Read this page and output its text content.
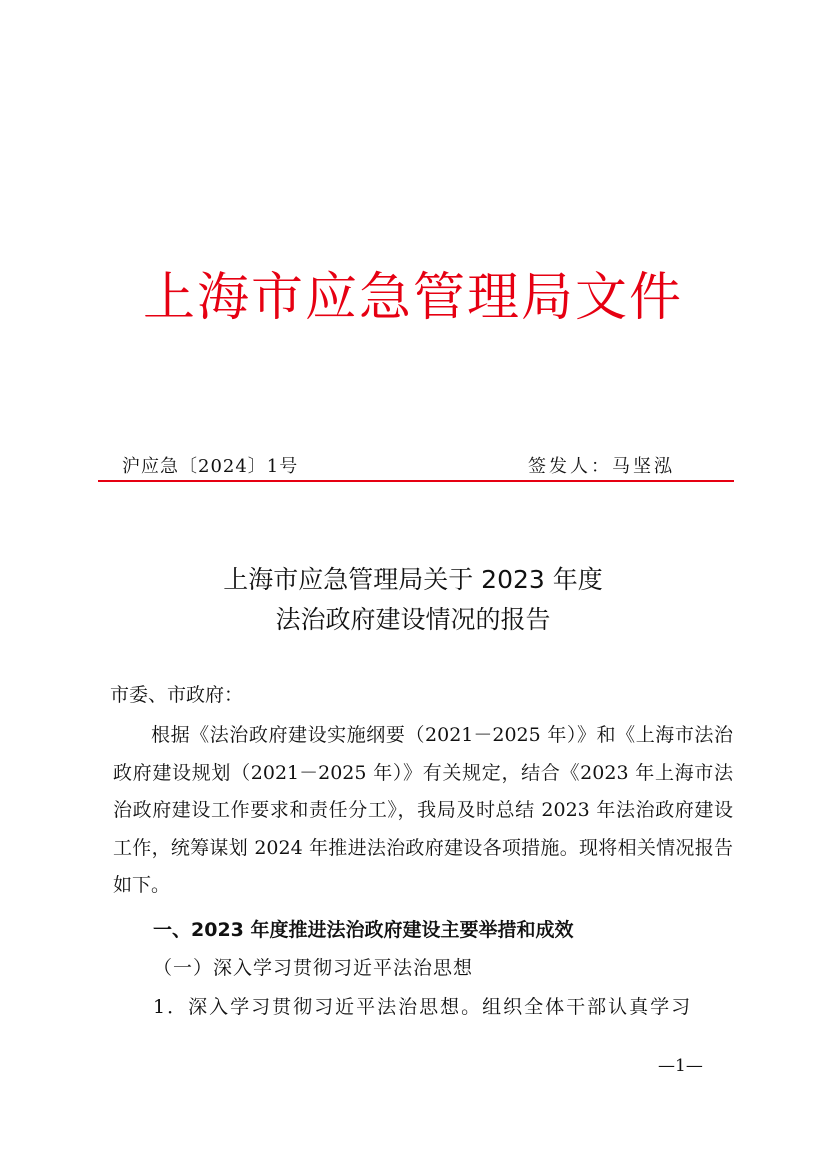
上海市应急管理局文件
沪应急〔2024〕1号	签发人：马坚泓
上海市应急管理局关于 2023 年度
法治政府建设情况的报告
市委、市政府：

根据《法治政府建设实施纲要（2021－2025 年）》和《上海市法治政府建设规划（2021－2025 年）》有关规定，结合《2023 年上海市法治政府建设工作要求和责任分工》，我局及时总结 2023 年法治政府建设工作，统筹谋划 2024 年推进法治政府建设各项措施。现将相关情况报告如下。

一、2023 年度推进法治政府建设主要举措和成效
（一）深入学习贯彻习近平法治思想
1．深入学习贯彻习近平法治思想。组织全体干部认真学习
—1—
